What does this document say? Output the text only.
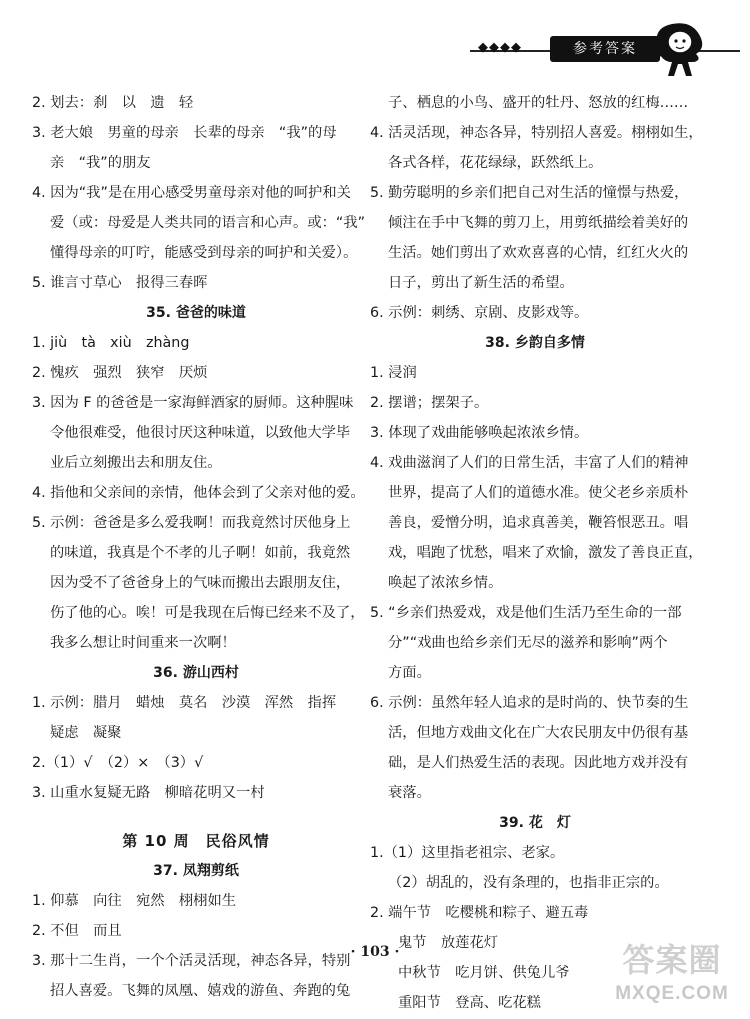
◆◆◆◆	参考答案
2. 划去：刹　以　遗　轻
3. 老大娘　男童的母亲　长辈的母亲　“我”的母
亲　“我”的朋友
4. 因为“我”是在用心感受男童母亲对他的呵护和关
爱（或：母爱是人类共同的语言和心声。或：“我”
懂得母亲的叮咛，能感受到母亲的呵护和关爱）。
5. 谁言寸草心　报得三春晖
35. 爸爸的味道
1. jiù　tà　xiù　zhàng
2. 愧疚　强烈　狭窄　厌烦
3. 因为 F 的爸爸是一家海鲜酒家的厨师。这种腥味
令他很难受，他很讨厌这种味道，以致他大学毕
业后立刻搬出去和朋友住。
4. 指他和父亲间的亲情，他体会到了父亲对他的爱。
5. 示例：爸爸是多么爱我啊！而我竟然讨厌他身上
的味道，我真是个不孝的儿子啊！如前，我竟然
因为受不了爸爸身上的气味而搬出去跟朋友住，
伤了他的心。唉！可是我现在后悔已经来不及了，
我多么想让时间重来一次啊！
36. 游山西村
1. 示例：腊月　蜡烛　莫名　沙漠　浑然　指挥
疑虑　凝聚
2.（1）√　（2）×　（3）√
3. 山重水复疑无路　柳暗花明又一村
第 10 周　民俗风情
37. 凤翔剪纸
1. 仰慕　向往　宛然　栩栩如生
2. 不但　而且
3. 那十二生肖，一个个活灵活现，神态各异，特别
招人喜爱。飞舞的凤凰、嬉戏的游鱼、奔跑的兔
子、栖息的小鸟、盛开的牡丹、怒放的红梅……
4. 活灵活现，神态各异，特别招人喜爱。栩栩如生，
各式各样，花花绿绿，跃然纸上。
5. 勤劳聪明的乡亲们把自己对生活的憧憬与热爱，
倾注在手中飞舞的剪刀上，用剪纸描绘着美好的
生活。她们剪出了欢欢喜喜的心情，红红火火的
日子，剪出了新生活的希望。
6. 示例：刺绣、京剧、皮影戏等。
38. 乡韵自多情
1. 浸润
2. 摆谱；摆架子。
3. 体现了戏曲能够唤起浓浓乡情。
4. 戏曲滋润了人们的日常生活，丰富了人们的精神
世界，提高了人们的道德水准。使父老乡亲质朴
善良，爱憎分明，追求真善美，鞭笞恨恶丑。唱
戏，唱跑了忧愁，唱来了欢愉，激发了善良正直，
唤起了浓浓乡情。
5. “乡亲们热爱戏，戏是他们生活乃至生命的一部
分”“戏曲也给乡亲们无尽的滋养和影响”两个
方面。
6. 示例：虽然年轻人追求的是时尚的、快节奏的生
活，但地方戏曲文化在广大农民朋友中仍很有基
础，是人们热爱生活的表现。因此地方戏并没有
衰落。
39. 花　灯
1.（1）这里指老祖宗、老家。
（2）胡乱的，没有条理的，也指非正宗的。
2. 端午节　吃樱桃和粽子、避五毒
鬼节　放莲花灯
中秋节　吃月饼、供兔儿爷
重阳节　登高、吃花糕
· 103 ·	答案圈
MXQE.COM
